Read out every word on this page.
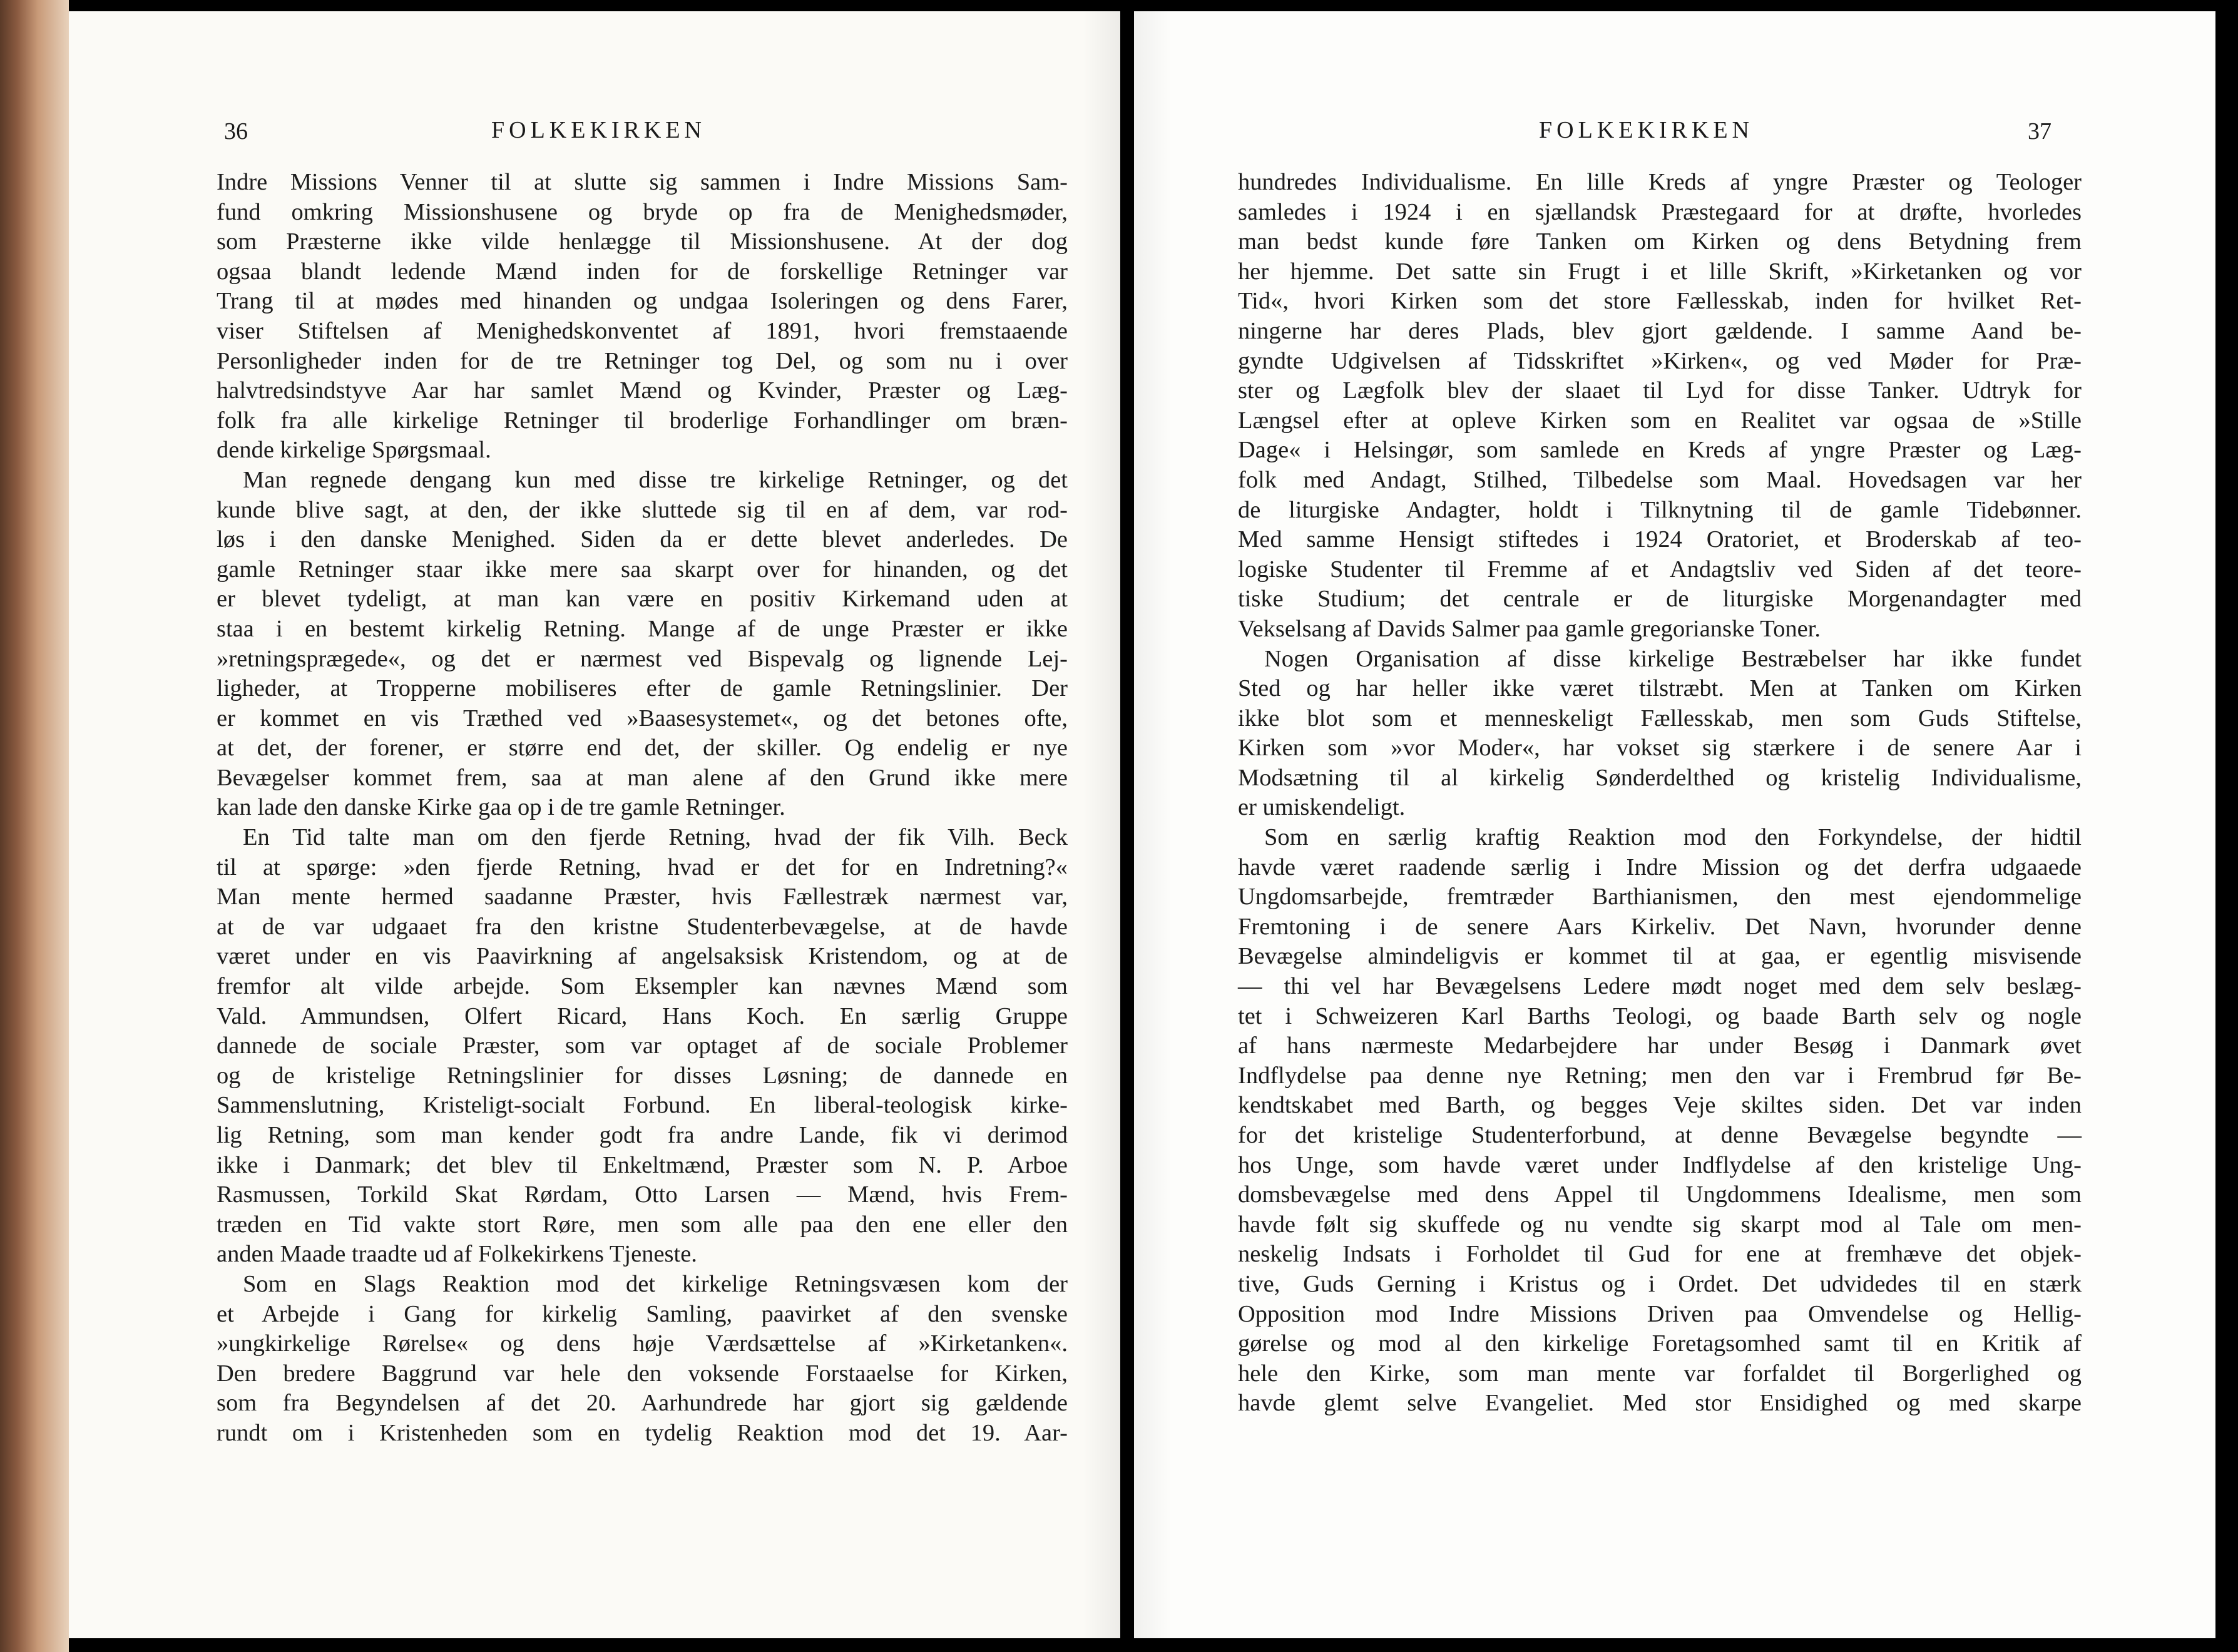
36	FOLKEKIRKEN
Indre Missions Venner til at slutte sig sammen i Indre Missions Sam-
fund omkring Missionshusene og bryde op fra de Menighedsmøder,
som Præsterne ikke vilde henlægge til Missionshusene. At der dog
ogsaa blandt ledende Mænd inden for de forskellige Retninger var
Trang til at mødes med hinanden og undgaa Isoleringen og dens Farer,
viser Stiftelsen af Menighedskonventet af 1891, hvori fremstaaende
Personligheder inden for de tre Retninger tog Del, og som nu i over
halvtredsindstyve Aar har samlet Mænd og Kvinder, Præster og Læg-
folk fra alle kirkelige Retninger til broderlige Forhandlinger om bræn-
dende kirkelige Spørgsmaal.
Man regnede dengang kun med disse tre kirkelige Retninger, og det
kunde blive sagt, at den, der ikke sluttede sig til en af dem, var rod-
løs i den danske Menighed. Siden da er dette blevet anderledes. De
gamle Retninger staar ikke mere saa skarpt over for hinanden, og det
er blevet tydeligt, at man kan være en positiv Kirkemand uden at
staa i en bestemt kirkelig Retning. Mange af de unge Præster er ikke
»retningsprægede«, og det er nærmest ved Bispevalg og lignende Lej-
ligheder, at Tropperne mobiliseres efter de gamle Retningslinier. Der
er kommet en vis Træthed ved »Baasesystemet«, og det betones ofte,
at det, der forener, er større end det, der skiller. Og endelig er nye
Bevægelser kommet frem, saa at man alene af den Grund ikke mere
kan lade den danske Kirke gaa op i de tre gamle Retninger.
En Tid talte man om den fjerde Retning, hvad der fik Vilh. Beck
til at spørge: »den fjerde Retning, hvad er det for en Indretning?«
Man mente hermed saadanne Præster, hvis Fællestræk nærmest var,
at de var udgaaet fra den kristne Studenterbevægelse, at de havde
været under en vis Paavirkning af angelsaksisk Kristendom, og at de
fremfor alt vilde arbejde. Som Eksempler kan nævnes Mænd som
Vald. Ammundsen, Olfert Ricard, Hans Koch. En særlig Gruppe
dannede de sociale Præster, som var optaget af de sociale Problemer
og de kristelige Retningslinier for disses Løsning; de dannede en
Sammenslutning, Kristeligt-socialt Forbund. En liberal-teologisk kirke-
lig Retning, som man kender godt fra andre Lande, fik vi derimod
ikke i Danmark; det blev til Enkeltmænd, Præster som N. P. Arboe
Rasmussen, Torkild Skat Rørdam, Otto Larsen — Mænd, hvis Frem-
træden en Tid vakte stort Røre, men som alle paa den ene eller den
anden Maade traadte ud af Folkekirkens Tjeneste.
Som en Slags Reaktion mod det kirkelige Retningsvæsen kom der
et Arbejde i Gang for kirkelig Samling, paavirket af den svenske
»ungkirkelige Rørelse« og dens høje Værdsættelse af »Kirketanken«.
Den bredere Baggrund var hele den voksende Forstaaelse for Kirken,
som fra Begyndelsen af det 20. Aarhundrede har gjort sig gældende
rundt om i Kristenheden som en tydelig Reaktion mod det 19. Aar-
FOLKEKIRKEN	37
hundredes Individualisme. En lille Kreds af yngre Præster og Teologer
samledes i 1924 i en sjællandsk Præstegaard for at drøfte, hvorledes
man bedst kunde føre Tanken om Kirken og dens Betydning frem
her hjemme. Det satte sin Frugt i et lille Skrift, »Kirketanken og vor
Tid«, hvori Kirken som det store Fællesskab, inden for hvilket Ret-
ningerne har deres Plads, blev gjort gældende. I samme Aand be-
gyndte Udgivelsen af Tidsskriftet »Kirken«, og ved Møder for Præ-
ster og Lægfolk blev der slaaet til Lyd for disse Tanker. Udtryk for
Længsel efter at opleve Kirken som en Realitet var ogsaa de »Stille
Dage« i Helsingør, som samlede en Kreds af yngre Præster og Læg-
folk med Andagt, Stilhed, Tilbedelse som Maal. Hovedsagen var her
de liturgiske Andagter, holdt i Tilknytning til de gamle Tidebønner.
Med samme Hensigt stiftedes i 1924 Oratoriet, et Broderskab af teo-
logiske Studenter til Fremme af et Andagtsliv ved Siden af det teore-
tiske Studium; det centrale er de liturgiske Morgenandagter med
Vekselsang af Davids Salmer paa gamle gregorianske Toner.
Nogen Organisation af disse kirkelige Bestræbelser har ikke fundet
Sted og har heller ikke været tilstræbt. Men at Tanken om Kirken
ikke blot som et menneskeligt Fællesskab, men som Guds Stiftelse,
Kirken som »vor Moder«, har vokset sig stærkere i de senere Aar i
Modsætning til al kirkelig Sønderdelthed og kristelig Individualisme,
er umiskendeligt.
Som en særlig kraftig Reaktion mod den Forkyndelse, der hidtil
havde været raadende særlig i Indre Mission og det derfra udgaaede
Ungdomsarbejde, fremtræder Barthianismen, den mest ejendommelige
Fremtoning i de senere Aars Kirkeliv. Det Navn, hvorunder denne
Bevægelse almindeligvis er kommet til at gaa, er egentlig misvisende
— thi vel har Bevægelsens Ledere mødt noget med dem selv beslæg-
tet i Schweizeren Karl Barths Teologi, og baade Barth selv og nogle
af hans nærmeste Medarbejdere har under Besøg i Danmark øvet
Indflydelse paa denne nye Retning; men den var i Frembrud før Be-
kendtskabet med Barth, og begges Veje skiltes siden. Det var inden
for det kristelige Studenterforbund, at denne Bevægelse begyndte —
hos Unge, som havde været under Indflydelse af den kristelige Ung-
domsbevægelse med dens Appel til Ungdommens Idealisme, men som
havde følt sig skuffede og nu vendte sig skarpt mod al Tale om men-
neskelig Indsats i Forholdet til Gud for ene at fremhæve det objek-
tive, Guds Gerning i Kristus og i Ordet. Det udvidedes til en stærk
Opposition mod Indre Missions Driven paa Omvendelse og Hellig-
gørelse og mod al den kirkelige Foretagsomhed samt til en Kritik af
hele den Kirke, som man mente var forfaldet til Borgerlighed og
havde glemt selve Evangeliet. Med stor Ensidighed og med skarpe
